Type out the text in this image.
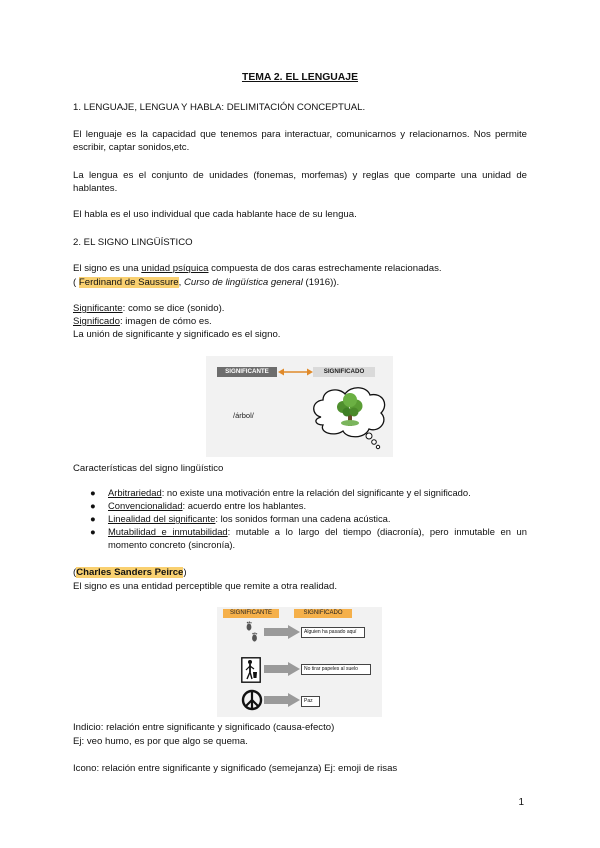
TEMA 2. EL LENGUAJE
1. LENGUAJE, LENGUA Y HABLA: DELIMITACIÓN CONCEPTUAL.
El lenguaje es la capacidad que tenemos para interactuar, comunicarnos y relacionarnos. Nos permite escribir, captar sonidos,etc.
La lengua es el conjunto de unidades (fonemas, morfemas) y reglas que comparte una unidad de hablantes.
El habla es el uso individual que cada hablante hace de su lengua.
2. EL SIGNO LINGÜÍSTICO
El signo es una unidad psíquica compuesta de dos caras estrechamente relacionadas.
( Ferdinand de Saussure, Curso de lingüística general (1916)).
Significante: como se dice (sonido).
Significado: imagen de cómo es.
La unión de significante y significado es el signo.
SIGNIFICANTE	SIGNIFICADO
/árbol/
Características del signo lingüístico
● Arbitrariedad: no existe una motivación entre la relación del significante y el significado.
● Convencionalidad: acuerdo entre los hablantes.
● Linealidad del significante: los sonidos forman una cadena acústica.
● Mutabilidad e inmutabilidad: mutable a lo largo del tiempo (diacronía), pero inmutable en un momento concreto (sincronía).
(Charles Sanders Peirce)
El signo es una entidad perceptible que remite a otra realidad.
SIGNIFICANTE	SIGNIFICADO
Alguien ha pasado aquí
No tirar papeles al suelo
Paz
Indicio: relación entre significante y significado (causa-efecto)
Ej: veo humo, es por que algo se quema.
Icono: relación entre significante y significado (semejanza) Ej: emoji de risas
1
